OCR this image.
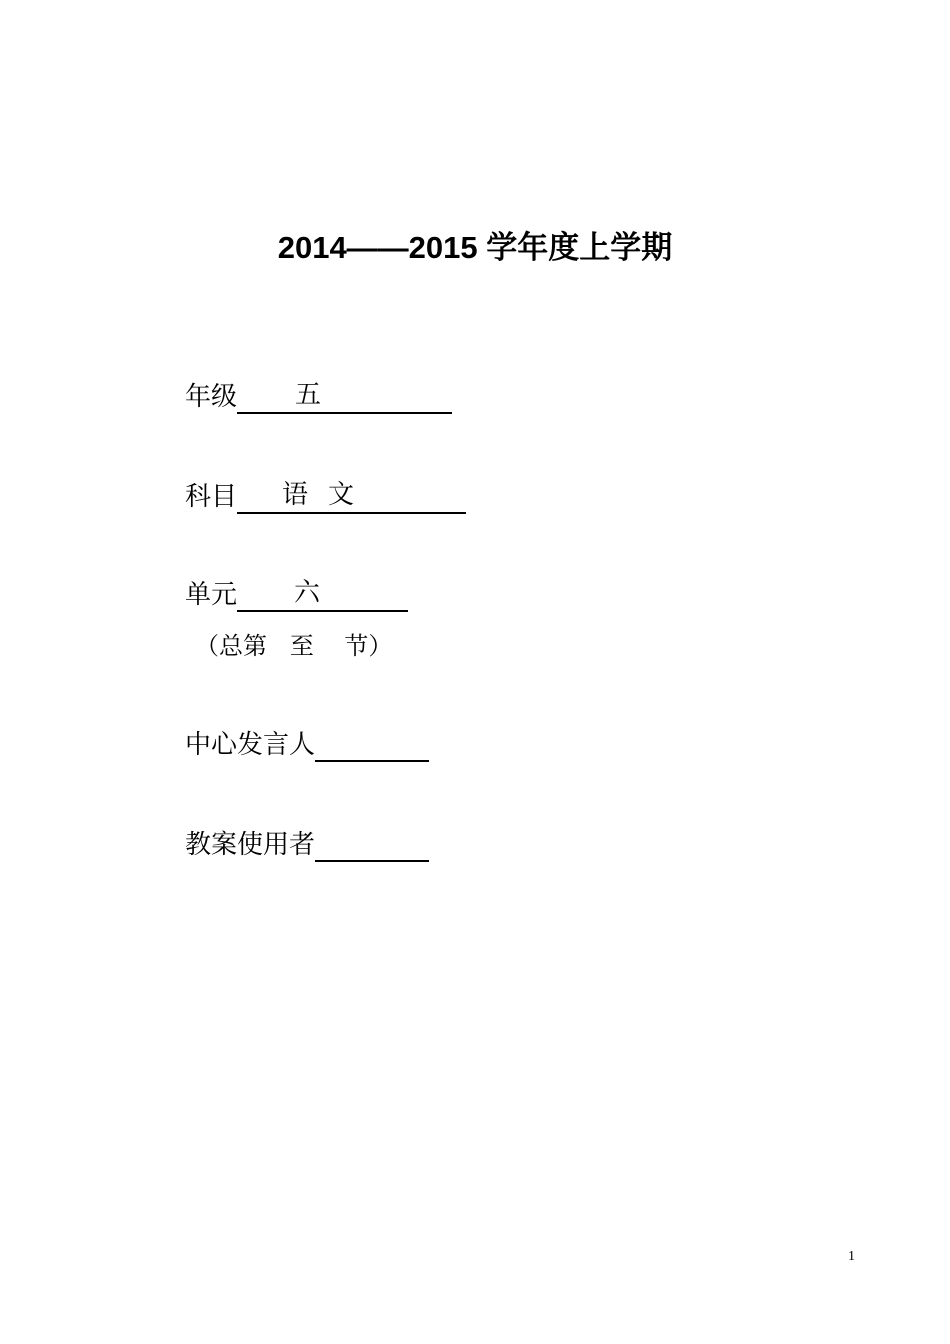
2014——2015 学年度上学期
年级 五
科目 语文
单元 六
（总第   至    节）
中心发言人
教案使用者
1
